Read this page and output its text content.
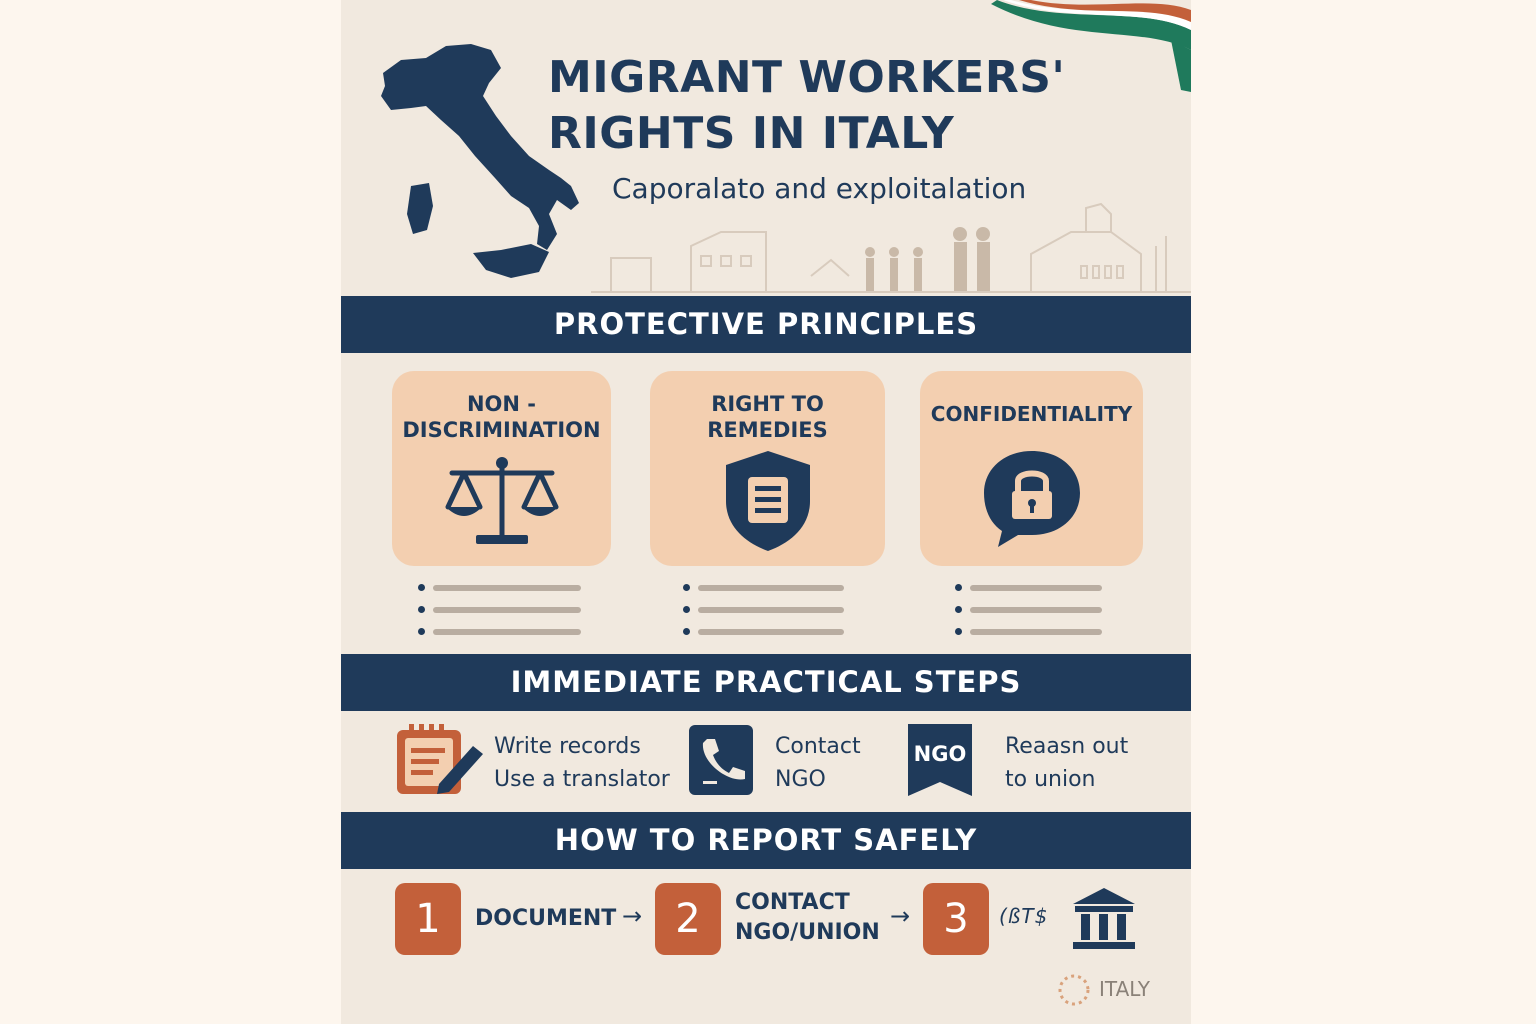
MIGRANT WORKERS'
RIGHTS IN ITALY
Caporalato and exploitalation
PROTECTIVE PRINCIPLES
NON -
DISCRIMINATION
RIGHT TO
REMEDIES
CONFIDENTIALITY
IMMEDIATE PRACTICAL STEPS
Write records
Use a translator
Contact
NGO
NGO Reaasn out
to union
HOW TO REPORT SAFELY
1	DOCUMENT → 2	CONTACT
NGO/UNION
→ 3	(ßT$
ITALY
